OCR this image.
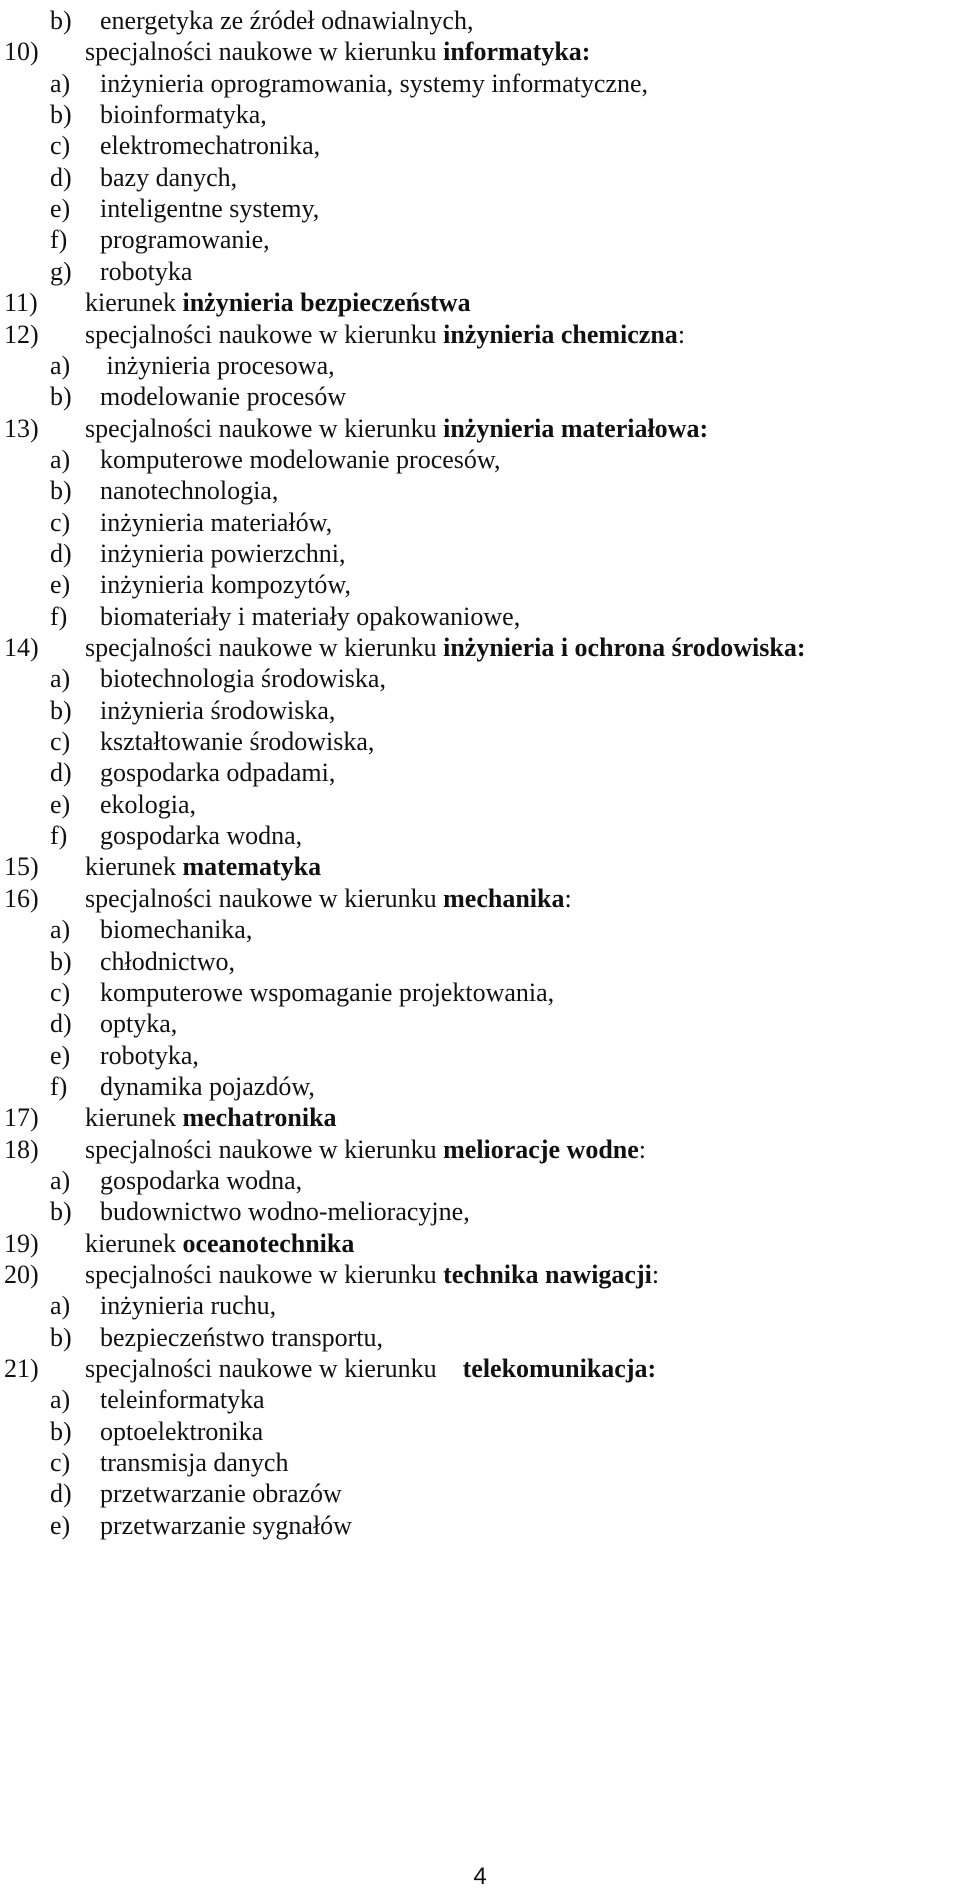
4
b) energetyka ze źródeł odnawialnych,
10) specjalności naukowe w kierunku informatyka:
a) inżynieria oprogramowania, systemy informatyczne,
b) bioinformatyka,
c) elektromechatronika,
d) bazy danych,
e) inteligentne systemy,
f) programowanie,
g) robotyka
11) kierunek inżynieria bezpieczeństwa
12) specjalności naukowe w kierunku inżynieria chemiczna:
a) inżynieria procesowa,
b) modelowanie procesów
13) specjalności naukowe w kierunku inżynieria materiałowa:
a) komputerowe modelowanie procesów,
b) nanotechnologia,
c) inżynieria materiałów,
d) inżynieria powierzchni,
e) inżynieria kompozytów,
f) biomateriały i materiały opakowaniowe,
14) specjalności naukowe w kierunku inżynieria i ochrona środowiska:
a) biotechnologia środowiska,
b) inżynieria środowiska,
c) kształtowanie środowiska,
d) gospodarka odpadami,
e) ekologia,
f) gospodarka wodna,
15) kierunek matematyka
16) specjalności naukowe w kierunku mechanika:
a) biomechanika,
b) chłodnictwo,
c) komputerowe wspomaganie projektowania,
d) optyka,
e) robotyka,
f) dynamika pojazdów,
17) kierunek mechatronika
18) specjalności naukowe w kierunku melioracje wodne:
a) gospodarka wodna,
b) budownictwo wodno-melioracyjne,
19) kierunek oceanotechnika
20) specjalności naukowe w kierunku technika nawigacji:
a) inżynieria ruchu,
b) bezpieczeństwo transportu,
21) specjalności naukowe w kierunku telekomunikacja:
a) teleinformatyka
b) optoelektronika
c) transmisja danych
d) przetwarzanie obrazów
e) przetwarzanie sygnałów
